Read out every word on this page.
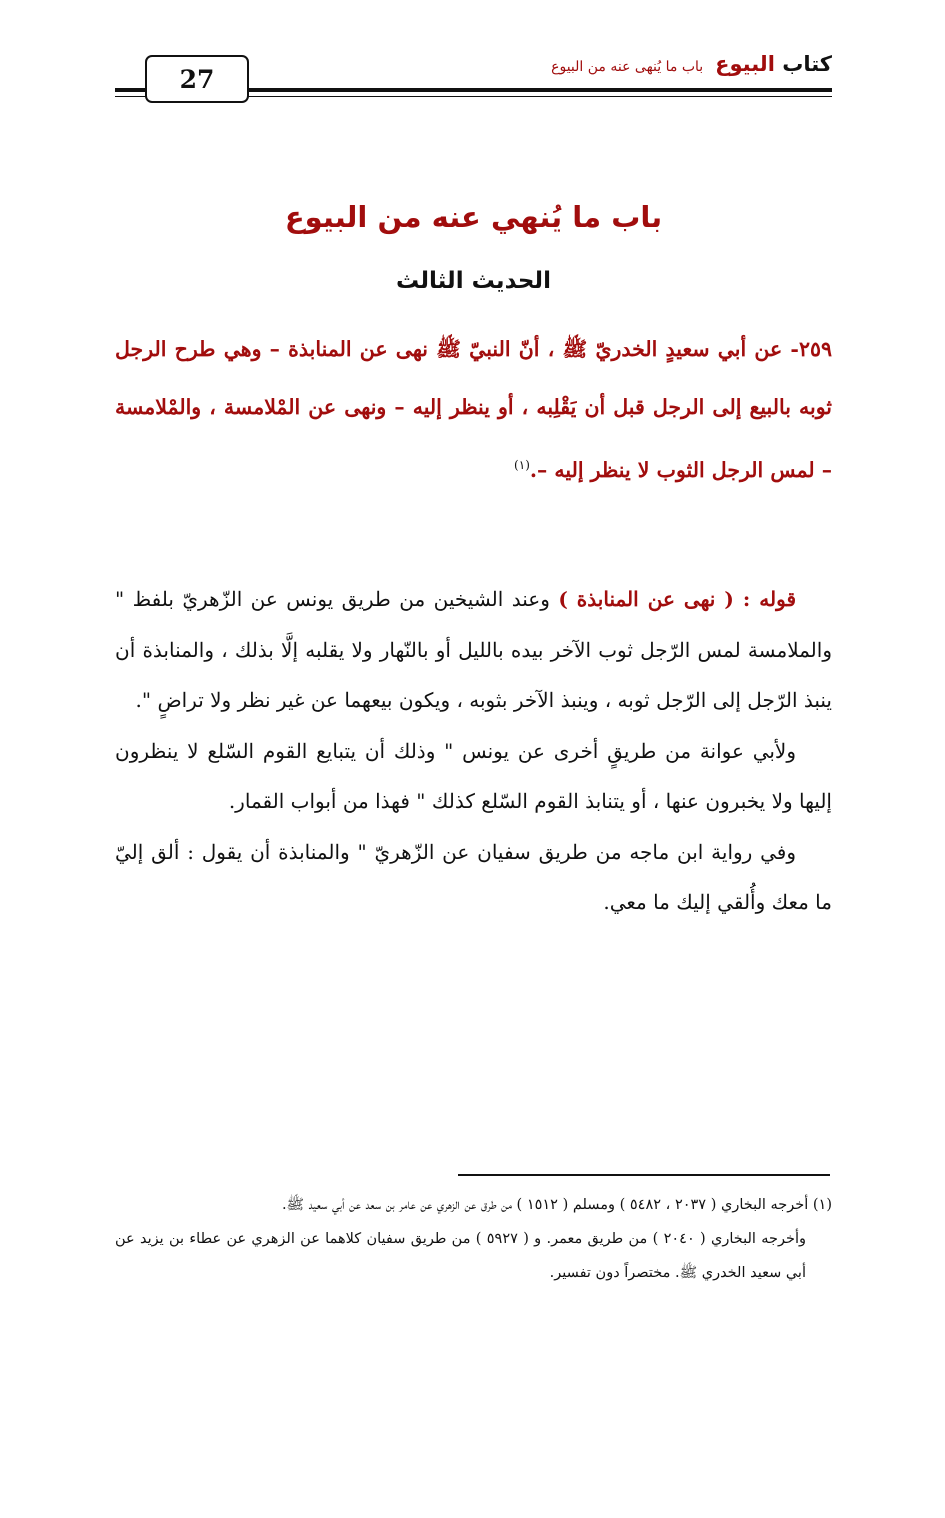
27
كتاب البيوع
باب ما يُنهى عنه من البيوع
باب ما يُنهي عنه من البيوع
الحديث الثالث
٢٥٩- عن أبي سعيدٍ الخدريّ ﷺ ، أنّ النبيّ ﷺ نهى عن المنابذة – وهي طرح الرجل ثوبه بالبيع إلى الرجل قبل أن يَقْلِبه ، أو ينظر إليه – ونهى عن المْلامسة ، والمْلامسة – لمس الرجل الثوب لا ينظر إليه –.$^{(١)}$

قوله : ( نهى عن المنابذة ) وعند الشيخين من طريق يونس عن الزّهريّ بلفظ " والملامسة لمس الرّجل ثوب الآخر بيده بالليل أو بالنّهار ولا يقلبه إلَّا بذلك ، والمنابذة أن ينبذ الرّجل إلى الرّجل ثوبه ، وينبذ الآخر بثوبه ، ويكون بيعهما عن غير نظر ولا تراضٍ ".

ولأبي عوانة من طريقٍ أخرى عن يونس " وذلك أن يتبايع القوم السّلع لا ينظرون إليها ولا يخبرون عنها ، أو يتنابذ القوم السّلع كذلك " فهذا من أبواب القمار.

وفي رواية ابن ماجه من طريق سفيان عن الزّهريّ " والمنابذة أن يقول : ألق إليّ ما معك وأُلقي إليك ما معي.

(١) أخرجه البخاري ( ٢٠٣٧ ، ٥٤٨٢ ) ومسلم ( ١٥١٢ ) من طرق عن الزهري عن عامر بن سعد عن أبي سعيد ﷺ.

وأخرجه البخاري ( ٢٠٤٠ ) من طريق معمر. و ( ٥٩٢٧ ) من طريق سفيان كلاهما عن الزهري عن عطاء بن يزيد عن أبي سعيد الخدري ﷺ. مختصراً دون تفسير.
